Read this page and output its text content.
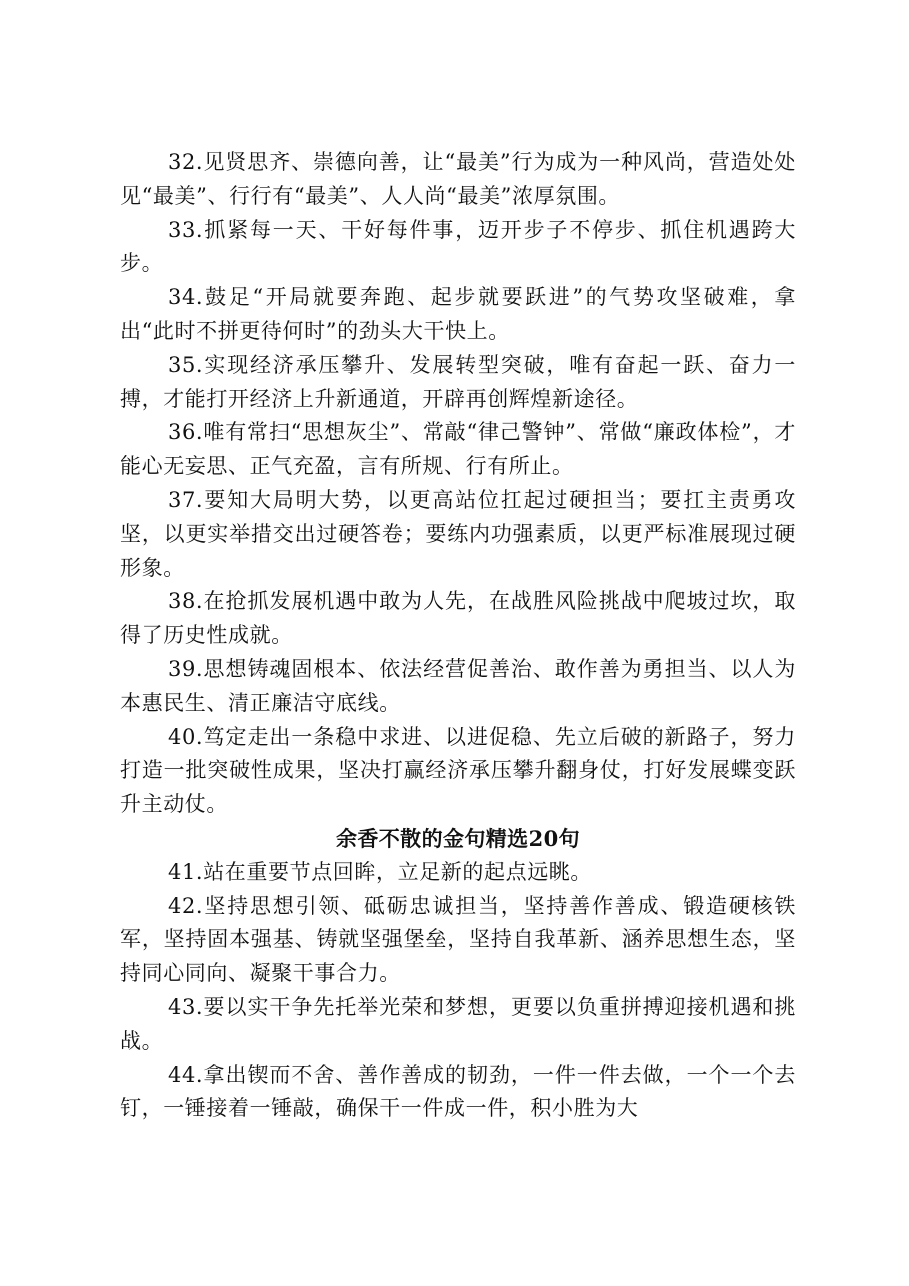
32.见贤思齐、崇德向善，让“最美”行为成为一种风尚，营造处处见“最美”、行行有“最美”、人人尚“最美”浓厚氛围。

33.抓紧每一天、干好每件事，迈开步子不停步、抓住机遇跨大步。

34.鼓足“开局就要奔跑、起步就要跃进”的气势攻坚破难，拿出“此时不拼更待何时”的劲头大干快上。

35.实现经济承压攀升、发展转型突破，唯有奋起一跃、奋力一搏，才能打开经济上升新通道，开辟再创辉煌新途径。

36.唯有常扫“思想灰尘”、常敲“律己警钟”、常做“廉政体检”，才能心无妄思、正气充盈，言有所规、行有所止。

37.要知大局明大势，以更高站位扛起过硬担当；要扛主责勇攻坚，以更实举措交出过硬答卷；要练内功强素质，以更严标准展现过硬形象。

38.在抢抓发展机遇中敢为人先，在战胜风险挑战中爬坡过坎，取得了历史性成就。

39.思想铸魂固根本、依法经营促善治、敢作善为勇担当、以人为本惠民生、清正廉洁守底线。

40.笃定走出一条稳中求进、以进促稳、先立后破的新路子，努力打造一批突破性成果，坚决打赢经济承压攀升翻身仗，打好发展蝶变跃升主动仗。

余香不散的金句精选20句

41.站在重要节点回眸，立足新的起点远眺。

42.坚持思想引领、砥砺忠诚担当，坚持善作善成、锻造硬核铁军，坚持固本强基、铸就坚强堡垒，坚持自我革新、涵养思想生态，坚持同心同向、凝聚干事合力。

43.要以实干争先托举光荣和梦想，更要以负重拼搏迎接机遇和挑战。

44.拿出锲而不舍、善作善成的韧劲，一件一件去做，一个一个去钉，一锤接着一锤敲，确保干一件成一件，积小胜为大
